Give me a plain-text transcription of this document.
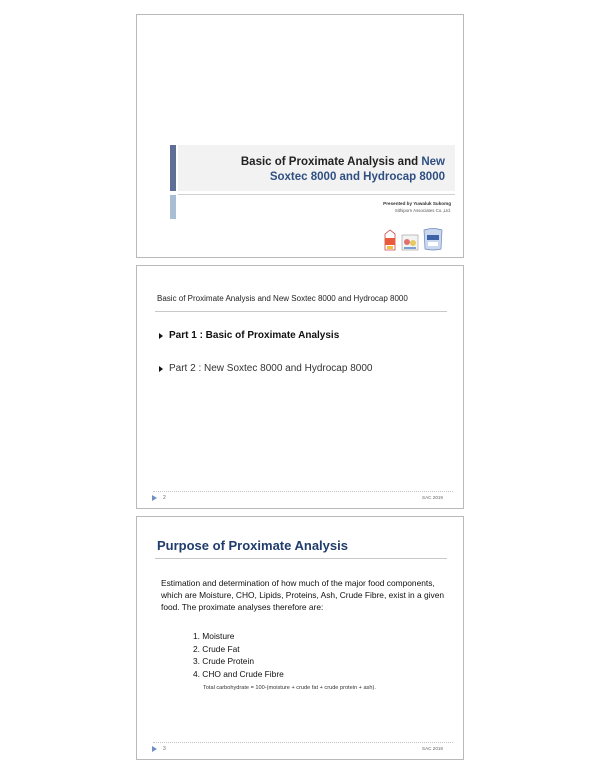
Basic of Proximate Analysis and New
Soxtec 8000 and Hydrocap 8000

Presented by Yuwaluk Sukomg
Sithiporn Associates Co.,Ltd.
Basic of Proximate Analysis and New Soxtec 8000 and Hydrocap 8000
Part 1 : Basic of Proximate Analysis
Part 2 : New Soxtec 8000 and Hydrocap 8000
2	SAC 2019
Purpose of Proximate Analysis

Estimation and determination of how much of the major food components, which are Moisture, CHO, Lipids, Proteins, Ash, Crude Fibre, exist in a given food. The proximate analyses therefore are:

1. Moisture
2. Crude Fat
3. Crude Protein
4. CHO and Crude Fibre
Total carbohydrate = 100-(moisture + crude fat + crude protein + ash).
3	SAC 2019
